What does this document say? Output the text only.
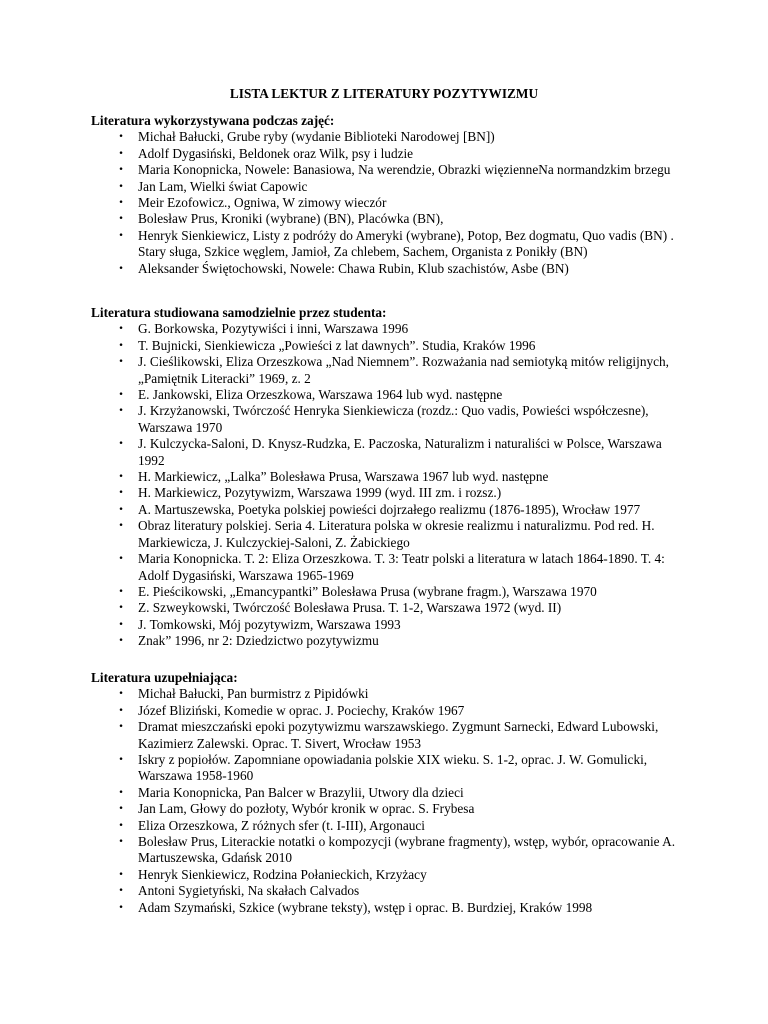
LISTA LEKTUR Z LITERATURY POZYTYWIZMU

Literatura wykorzystywana podczas zajęć:

• Michał Bałucki, Grube ryby (wydanie Biblioteki Narodowej [BN])
• Adolf Dygasiński, Beldonek oraz Wilk, psy i ludzie
• Maria Konopnicka, Nowele: Banasiowa, Na werendzie, Obrazki więzienneNa normandzkim brzegu
• Jan Lam, Wielki świat Capowic
• Meir Ezofowicz., Ogniwa, W zimowy wieczór
• Bolesław Prus, Kroniki (wybrane) (BN), Placówka (BN),
• Henryk Sienkiewicz, Listy z podróży do Ameryki (wybrane), Potop, Bez dogmatu, Quo vadis (BN) . Stary sługa, Szkice węglem, Jamioł, Za chlebem, Sachem, Organista z Ponikły (BN)
• Aleksander Świętochowski, Nowele: Chawa Rubin, Klub szachistów, Asbe (BN)

Literatura studiowana samodzielnie przez studenta:

• G. Borkowska, Pozytywiści i inni, Warszawa 1996
• T. Bujnicki, Sienkiewicza „Powieści z lat dawnych”. Studia, Kraków 1996
• J. Cieślikowski, Eliza Orzeszkowa „Nad Niemnem”. Rozważania nad semiotyką mitów religijnych, „Pamiętnik Literacki” 1969, z. 2
• E. Jankowski, Eliza Orzeszkowa, Warszawa 1964 lub wyd. następne
• J. Krzyżanowski, Twórczość Henryka Sienkiewicza (rozdz.: Quo vadis, Powieści współczesne), Warszawa 1970
• J. Kulczycka-Saloni, D. Knysz-Rudzka, E. Paczoska, Naturalizm i naturaliści w Polsce, Warszawa 1992
• H. Markiewicz, „Lalka” Bolesława Prusa, Warszawa 1967 lub wyd. następne
• H. Markiewicz, Pozytywizm, Warszawa 1999 (wyd. III zm. i rozsz.)
• A. Martuszewska, Poetyka polskiej powieści dojrzałego realizmu (1876-1895), Wrocław 1977
• Obraz literatury polskiej. Seria 4. Literatura polska w okresie realizmu i naturalizmu. Pod red. H. Markiewicza, J. Kulczyckiej-Saloni, Z. Żabickiego
• Maria Konopnicka. T. 2: Eliza Orzeszkowa. T. 3: Teatr polski a literatura w latach 1864-1890. T. 4: Adolf Dygasiński, Warszawa 1965-1969
• E. Pieścikowski, „Emancypantki” Bolesława Prusa (wybrane fragm.), Warszawa 1970
• Z. Szweykowski, Twórczość Bolesława Prusa. T. 1-2, Warszawa 1972 (wyd. II)
• J. Tomkowski, Mój pozytywizm, Warszawa 1993
• Znak” 1996, nr 2: Dziedzictwo pozytywizmu

Literatura uzupełniająca:

• Michał Bałucki, Pan burmistrz z Pipidówki
• Józef Bliziński, Komedie w oprac. J. Pociechy, Kraków 1967
• Dramat mieszczański epoki pozytywizmu warszawskiego. Zygmunt Sarnecki, Edward Lubowski, Kazimierz Zalewski. Oprac. T. Sivert, Wrocław 1953
• Iskry z popiołów. Zapomniane opowiadania polskie XIX wieku. S. 1-2, oprac. J. W. Gomulicki, Warszawa 1958-1960
• Maria Konopnicka, Pan Balcer w Brazylii, Utwory dla dzieci
• Jan Lam, Głowy do pozłoty, Wybór kronik w oprac. S. Frybesa
• Eliza Orzeszkowa, Z różnych sfer (t. I-III), Argonauci
• Bolesław Prus, Literackie notatki o kompozycji (wybrane fragmenty), wstęp, wybór, opracowanie A. Martuszewska, Gdańsk 2010
• Henryk Sienkiewicz, Rodzina Połanieckich, Krzyżacy
• Antoni Sygietyński, Na skałach Calvados
• Adam Szymański, Szkice (wybrane teksty), wstęp i oprac. B. Burdziej, Kraków 1998
